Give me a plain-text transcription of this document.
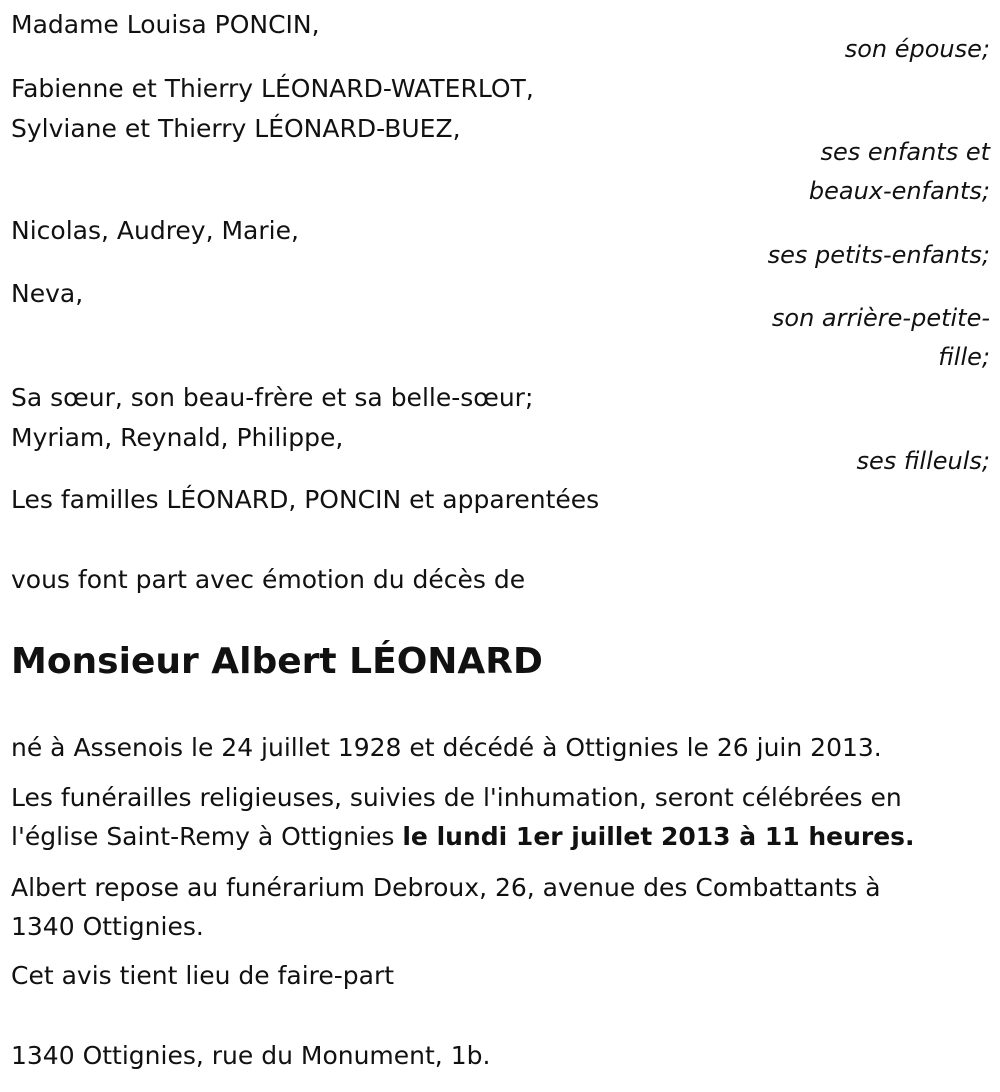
Madame Louisa PONCIN,
son épouse;
Fabienne et Thierry LÉONARD-WATERLOT,
Sylviane et Thierry LÉONARD-BUEZ,
ses enfants et
beaux-enfants;
Nicolas, Audrey, Marie,
ses petits-enfants;
Neva,
son arrière-petite-
fille;
Sa sœur, son beau-frère et sa belle-sœur;
Myriam, Reynald, Philippe,
ses filleuls;
Les familles LÉONARD, PONCIN et apparentées
vous font part avec émotion du décès de
Monsieur Albert LÉONARD
né à Assenois le 24 juillet 1928 et décédé à Ottignies le 26 juin 2013.
Les funérailles religieuses, suivies de l'inhumation, seront célébrées en
l'église Saint-Remy à Ottignies le lundi 1er juillet 2013 à 11 heures.
Albert repose au funérarium Debroux, 26, avenue des Combattants à
1340 Ottignies.
Cet avis tient lieu de faire-part
1340 Ottignies, rue du Monument, 1b.
